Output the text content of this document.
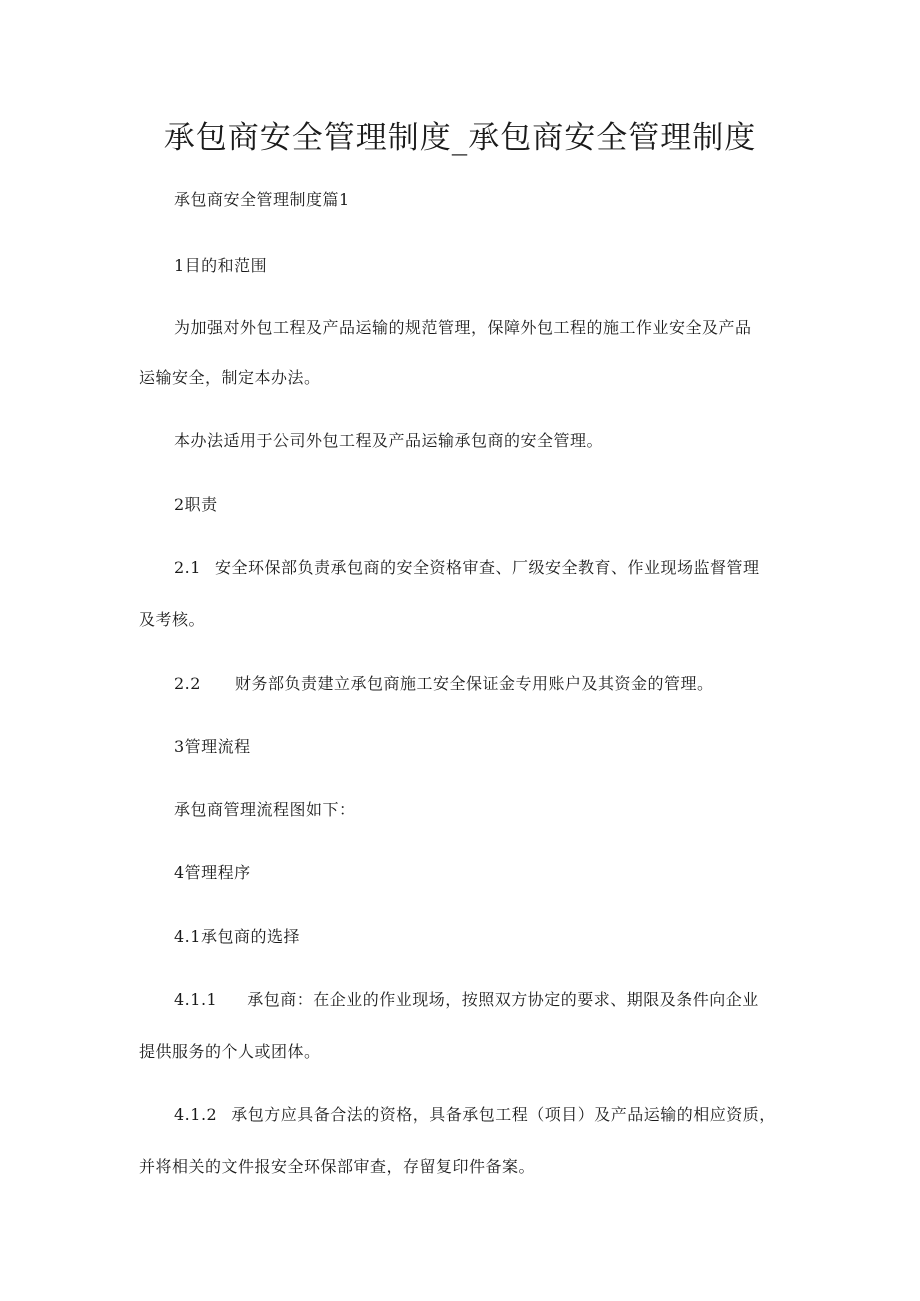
承包商安全管理制度_承包商安全管理制度
承包商安全管理制度篇1
1目的和范围
为加强对外包工程及产品运输的规范管理，保障外包工程的施工作业安全及产品
运输安全，制定本办法。
本办法适用于公司外包工程及产品运输承包商的安全管理。
2职责
2.1 安全环保部负责承包商的安全资格审查、厂级安全教育、作业现场监督管理
及考核。
2.2 财务部负责建立承包商施工安全保证金专用账户及其资金的管理。
3管理流程
承包商管理流程图如下：
4管理程序
4.1承包商的选择
4.1.1 承包商：在企业的作业现场，按照双方协定的要求、期限及条件向企业
提供服务的个人或团体。
4.1.2 承包方应具备合法的资格，具备承包工程（项目）及产品运输的相应资质，
并将相关的文件报安全环保部审查，存留复印件备案。
